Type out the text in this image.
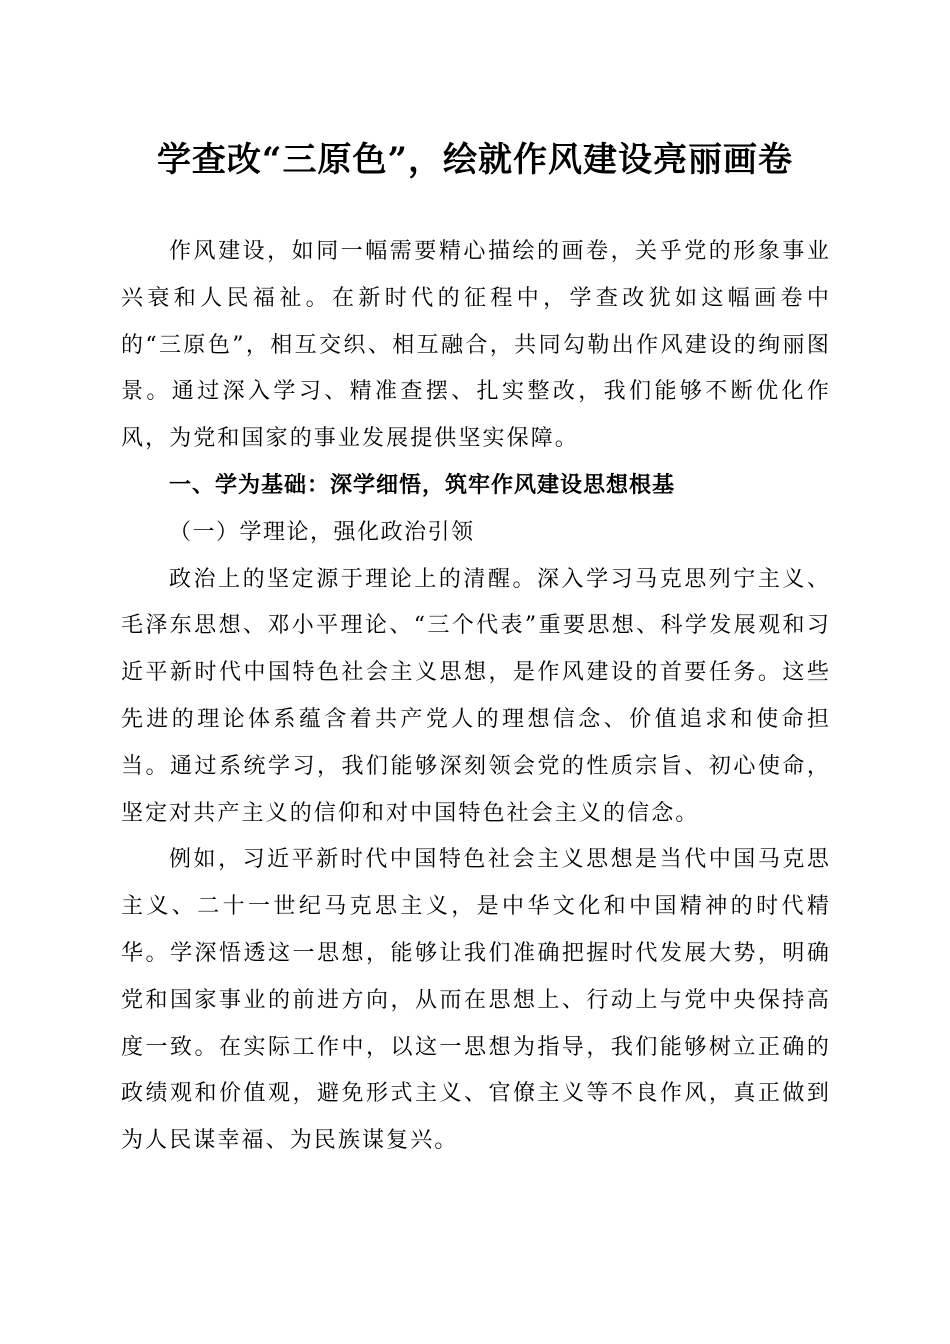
学查改“三原色”，绘就作风建设亮丽画卷

作风建设，如同一幅需要精心描绘的画卷，关乎党的形象事业兴衰和人民福祉。在新时代的征程中，学查改犹如这幅画卷中的“三原色”，相互交织、相互融合，共同勾勒出作风建设的绚丽图景。通过深入学习、精准查摆、扎实整改，我们能够不断优化作风，为党和国家的事业发展提供坚实保障。

一、学为基础：深学细悟，筑牢作风建设思想根基

（一）学理论，强化政治引领

政治上的坚定源于理论上的清醒。深入学习马克思列宁主义、毛泽东思想、邓小平理论、“三个代表”重要思想、科学发展观和习近平新时代中国特色社会主义思想，是作风建设的首要任务。这些先进的理论体系蕴含着共产党人的理想信念、价值追求和使命担当。通过系统学习，我们能够深刻领会党的性质宗旨、初心使命，坚定对共产主义的信仰和对中国特色社会主义的信念。

例如，习近平新时代中国特色社会主义思想是当代中国马克思主义、二十一世纪马克思主义，是中华文化和中国精神的时代精华。学深悟透这一思想，能够让我们准确把握时代发展大势，明确党和国家事业的前进方向，从而在思想上、行动上与党中央保持高度一致。在实际工作中，以这一思想为指导，我们能够树立正确的政绩观和价值观，避免形式主义、官僚主义等不良作风，真正做到为人民谋幸福、为民族谋复兴。
